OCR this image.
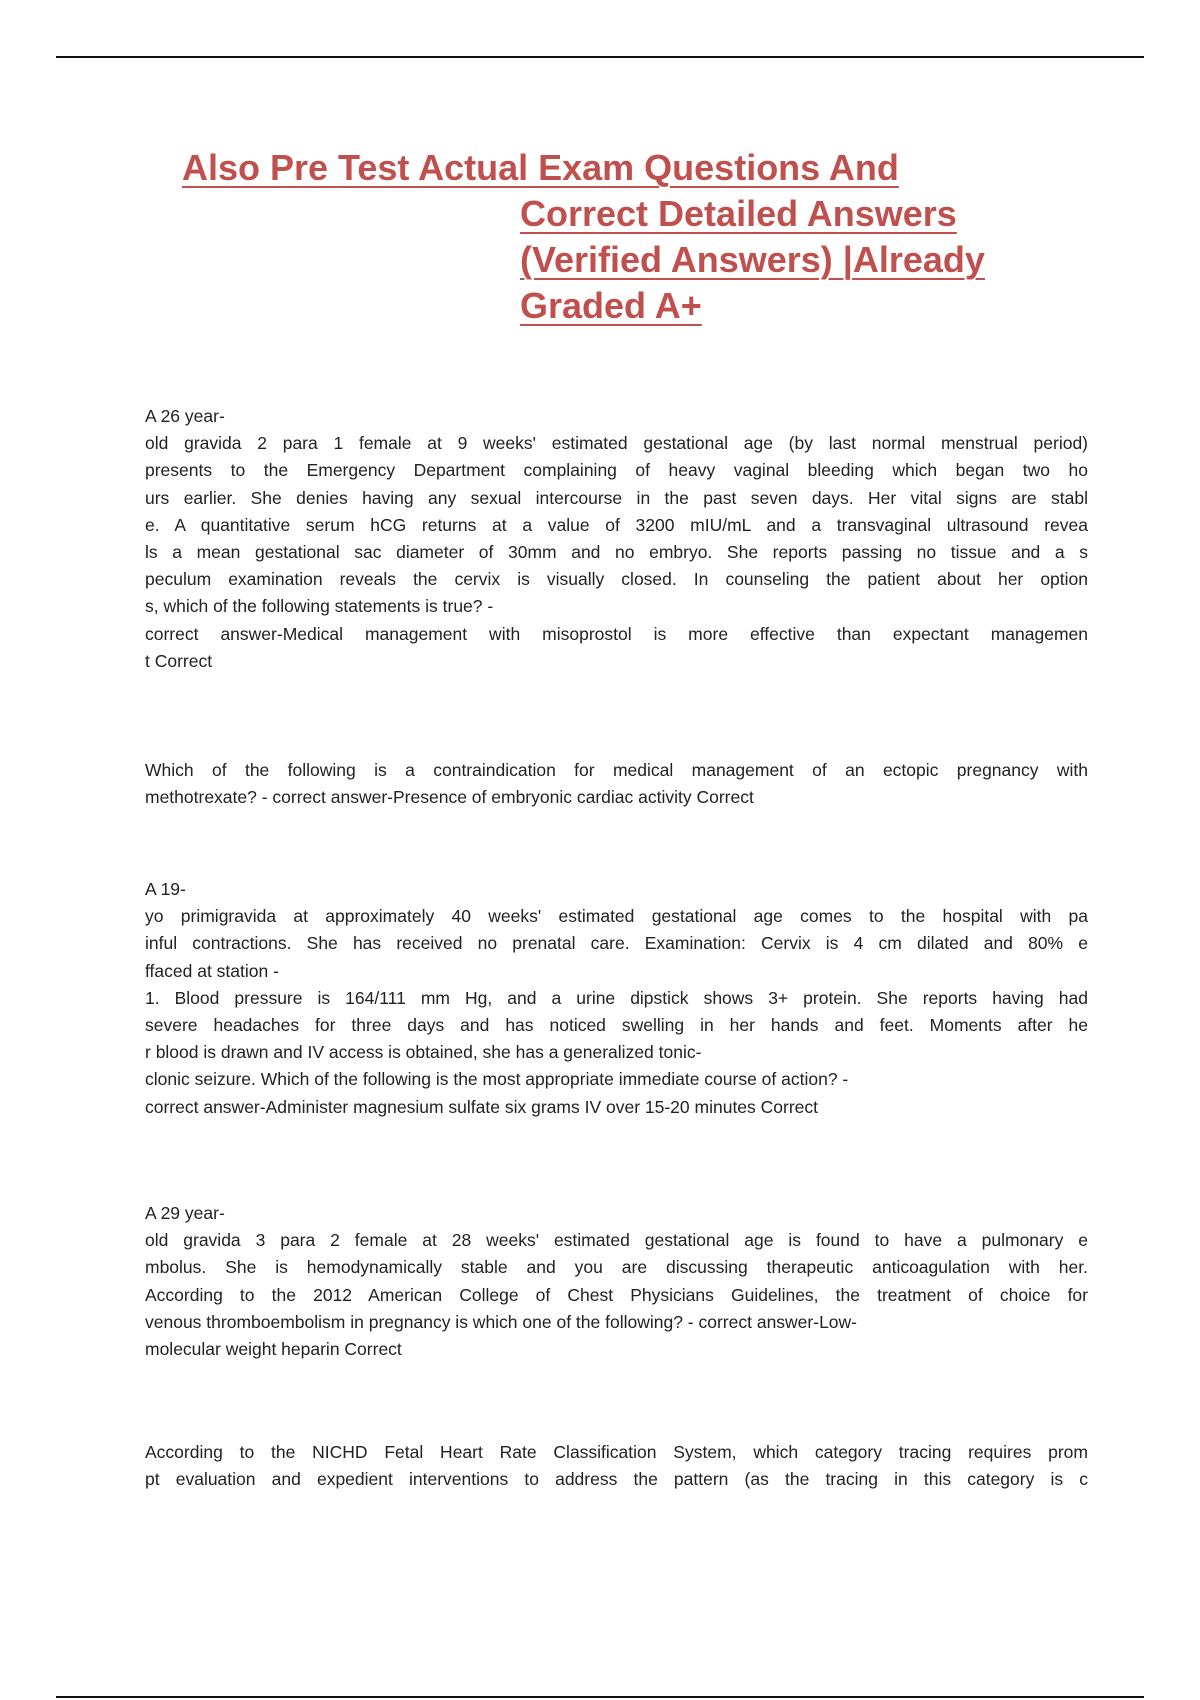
Also Pre Test Actual Exam Questions And
Correct Detailed Answers
(Verified Answers) |Already
Graded A+
A 26 year-
old gravida 2 para 1 female at 9 weeks' estimated gestational age (by last normal menstrual period)
presents to the Emergency Department complaining of heavy vaginal bleeding which began two ho
urs earlier. She denies having any sexual intercourse in the past seven days. Her vital signs are stabl
e. A quantitative serum hCG returns at a value of 3200 mIU/mL and a transvaginal ultrasound revea
ls a mean gestational sac diameter of 30mm and no embryo. She reports passing no tissue and a s
peculum examination reveals the cervix is visually closed. In counseling the patient about her option
s, which of the following statements is true? -
correct answer-Medical management with misoprostol is more effective than expectant managemen
t Correct
Which of the following is a contraindication for medical management of an ectopic pregnancy with
methotrexate? - correct answer-Presence of embryonic cardiac activity Correct
A 19-
yo primigravida at approximately 40 weeks' estimated gestational age comes to the hospital with pa
inful contractions. She has received no prenatal care. Examination: Cervix is 4 cm dilated and 80% e
ffaced at station -
1. Blood pressure is 164/111 mm Hg, and a urine dipstick shows 3+ protein. She reports having had
severe headaches for three days and has noticed swelling in her hands and feet. Moments after he
r blood is drawn and IV access is obtained, she has a generalized tonic-
clonic seizure. Which of the following is the most appropriate immediate course of action? -
correct answer-Administer magnesium sulfate six grams IV over 15-20 minutes Correct
A 29 year-
old gravida 3 para 2 female at 28 weeks' estimated gestational age is found to have a pulmonary e
mbolus. She is hemodynamically stable and you are discussing therapeutic anticoagulation with her.
According to the 2012 American College of Chest Physicians Guidelines, the treatment of choice for
venous thromboembolism in pregnancy is which one of the following? - correct answer-Low-
molecular weight heparin Correct
According to the NICHD Fetal Heart Rate Classification System, which category tracing requires prom
pt evaluation and expedient interventions to address the pattern (as the tracing in this category is c
